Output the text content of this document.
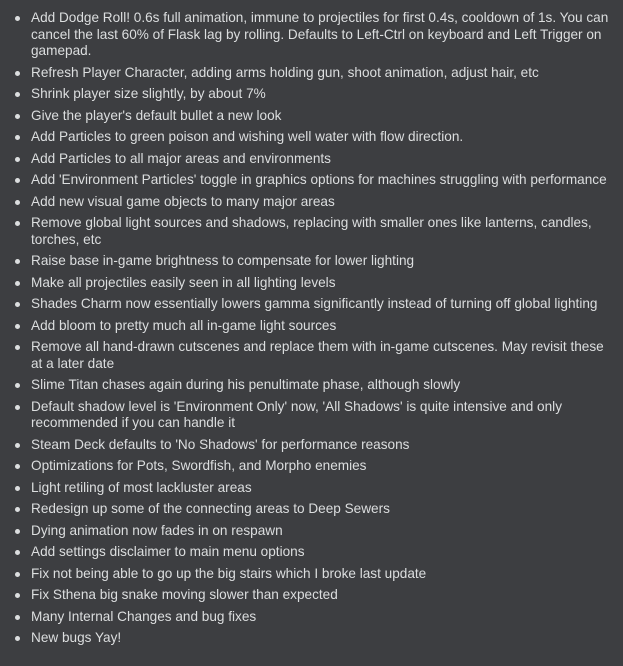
Add Dodge Roll! 0.6s full animation, immune to projectiles for first 0.4s, cooldown of 1s. You can cancel the last 60% of Flask lag by rolling. Defaults to Left-Ctrl on keyboard and Left Trigger on gamepad.
Refresh Player Character, adding arms holding gun, shoot animation, adjust hair, etc
Shrink player size slightly, by about 7%
Give the player's default bullet a new look
Add Particles to green poison and wishing well water with flow direction.
Add Particles to all major areas and environments
Add 'Environment Particles' toggle in graphics options for machines struggling with performance
Add new visual game objects to many major areas
Remove global light sources and shadows, replacing with smaller ones like lanterns, candles, torches, etc
Raise base in-game brightness to compensate for lower lighting
Make all projectiles easily seen in all lighting levels
Shades Charm now essentially lowers gamma significantly instead of turning off global lighting
Add bloom to pretty much all in-game light sources
Remove all hand-drawn cutscenes and replace them with in-game cutscenes. May revisit these at a later date
Slime Titan chases again during his penultimate phase, although slowly
Default shadow level is 'Environment Only' now, 'All Shadows' is quite intensive and only recommended if you can handle it
Steam Deck defaults to 'No Shadows' for performance reasons
Optimizations for Pots, Swordfish, and Morpho enemies
Light retiling of most lackluster areas
Redesign up some of the connecting areas to Deep Sewers
Dying animation now fades in on respawn
Add settings disclaimer to main menu options
Fix not being able to go up the big stairs which I broke last update
Fix Sthena big snake moving slower than expected
Many Internal Changes and bug fixes
New bugs Yay!
